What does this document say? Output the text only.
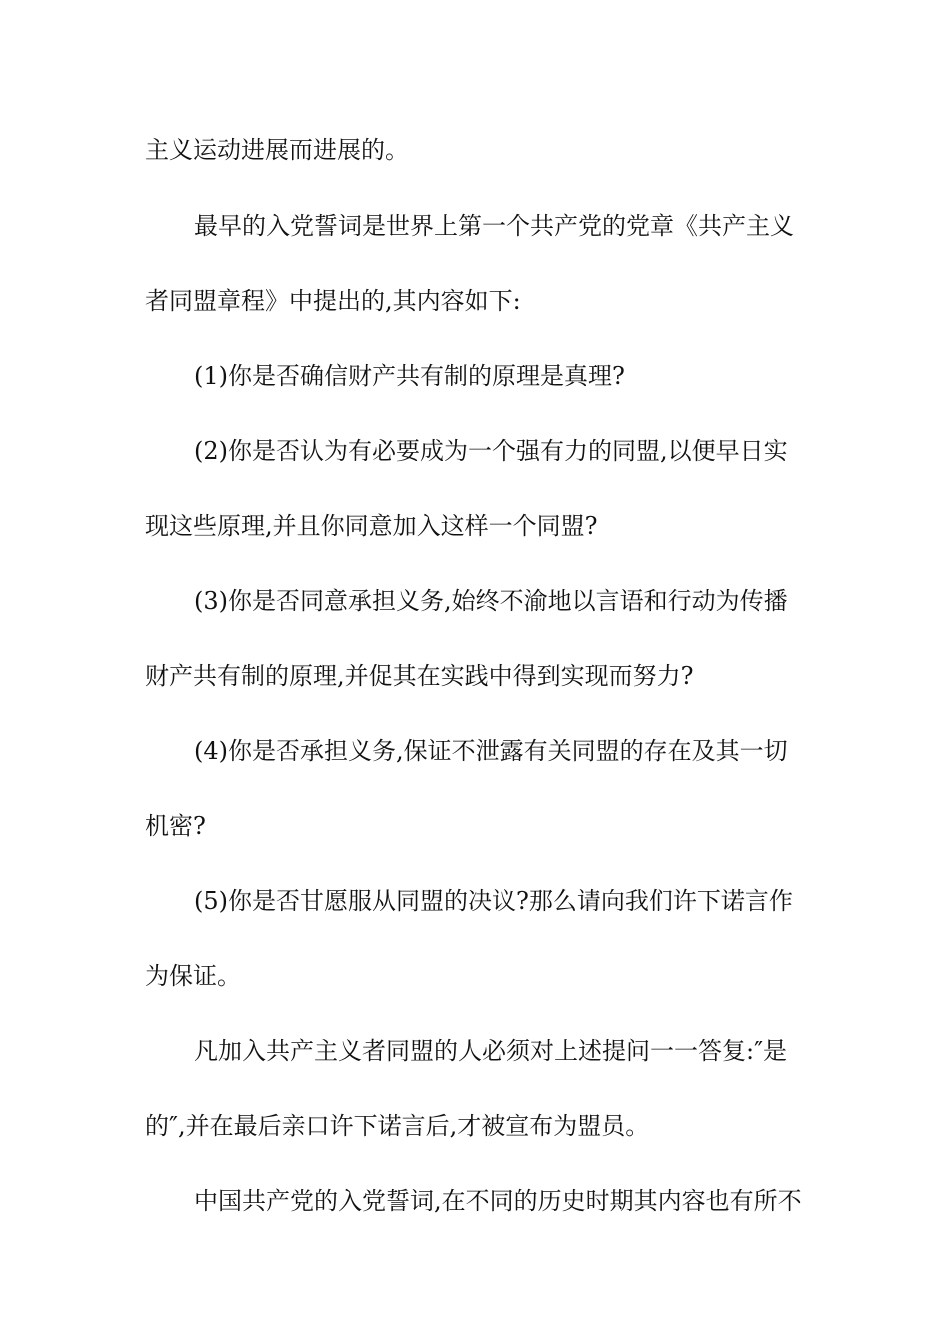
主义运动进展而进展的。
最早的入党誓词是世界上第一个共产党的党章《共产主义
者同盟章程》中提出的,其内容如下:
(1)你是否确信财产共有制的原理是真理?
(2)你是否认为有必要成为一个强有力的同盟,以便早日实
现这些原理,并且你同意加入这样一个同盟?
(3)你是否同意承担义务,始终不渝地以言语和行动为传播
财产共有制的原理,并促其在实践中得到实现而努力?
(4)你是否承担义务,保证不泄露有关同盟的存在及其一切
机密?
(5)你是否甘愿服从同盟的决议?那么请向我们许下诺言作
为保证。
凡加入共产主义者同盟的人必须对上述提问一一答复:″是
的″,并在最后亲口许下诺言后,才被宣布为盟员。
中国共产党的入党誓词,在不同的历史时期其内容也有所不
